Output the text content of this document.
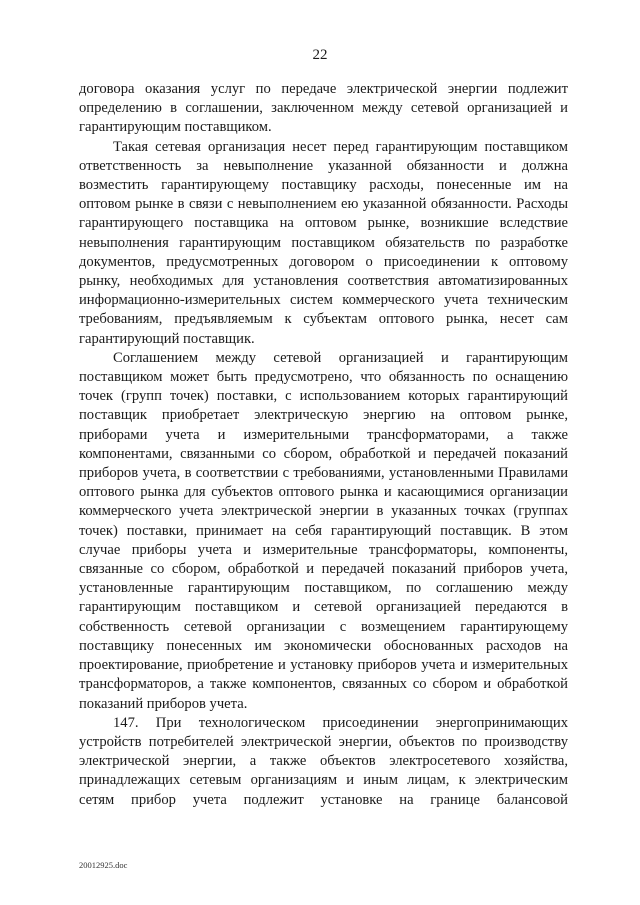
22

договора оказания услуг по передаче электрической энергии подлежит определению в соглашении, заключенном между сетевой организацией и гарантирующим поставщиком.

Такая сетевая организация несет перед гарантирующим поставщиком ответственность за невыполнение указанной обязанности и должна возместить гарантирующему поставщику расходы, понесенные им на оптовом рынке в связи с невыполнением ею указанной обязанности. Расходы гарантирующего поставщика на оптовом рынке, возникшие вследствие невыполнения гарантирующим поставщиком обязательств по разработке документов, предусмотренных договором о присоединении к оптовому рынку, необходимых для установления соответствия автоматизированных информационно-измерительных систем коммерческого учета техническим требованиям, предъявляемым к субъектам оптового рынка, несет сам гарантирующий поставщик.

Соглашением между сетевой организацией и гарантирующим поставщиком может быть предусмотрено, что обязанность по оснащению точек (групп точек) поставки, с использованием которых гарантирующий поставщик приобретает электрическую энергию на оптовом рынке, приборами учета и измерительными трансформаторами, а также компонентами, связанными со сбором, обработкой и передачей показаний приборов учета, в соответствии с требованиями, установленными Правилами оптового рынка для субъектов оптового рынка и касающимися организации коммерческого учета электрической энергии в указанных точках (группах точек) поставки, принимает на себя гарантирующий поставщик. В этом случае приборы учета и измерительные трансформаторы, компоненты, связанные со сбором, обработкой и передачей показаний приборов учета, установленные гарантирующим поставщиком, по соглашению между гарантирующим поставщиком и сетевой организацией передаются в собственность сетевой организации с возмещением гарантирующему поставщику понесенных им экономически обоснованных расходов на проектирование, приобретение и установку приборов учета и измерительных трансформаторов, а также компонентов, связанных со сбором и обработкой показаний приборов учета.

147. При технологическом присоединении энергопринимающих устройств потребителей электрической энергии, объектов по производству электрической энергии, а также объектов электросетевого хозяйства, принадлежащих сетевым организациям и иным лицам, к электрическим сетям прибор учета подлежит установке на границе балансовой

20012925.doc
